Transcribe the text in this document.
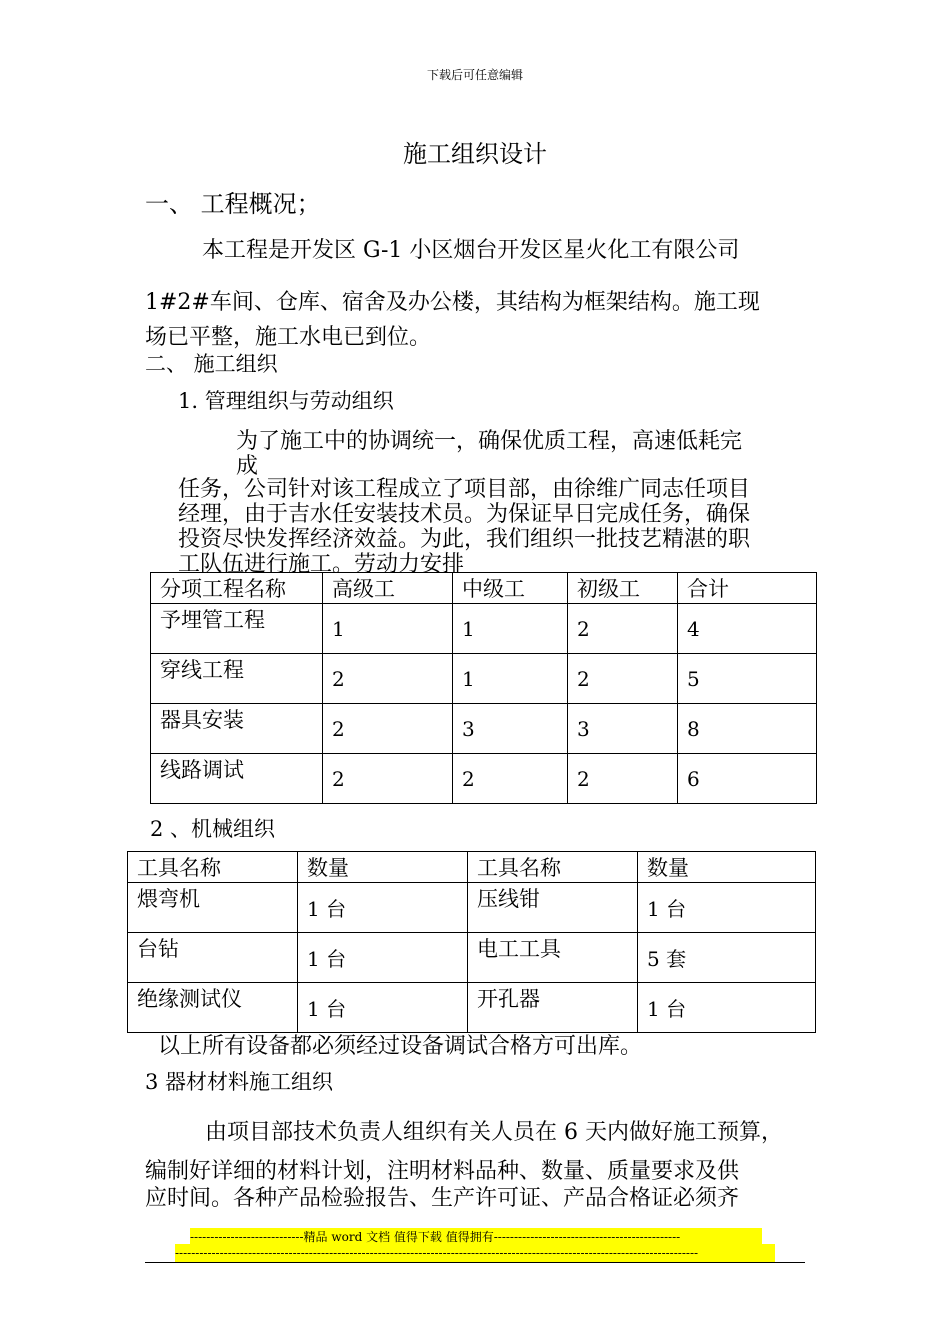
下载后可任意编辑
施工组织设计
一、 工程概况；
本工程是开发区 G-1 小区烟台开发区星火化工有限公司
1#2#车间、仓库、宿舍及办公楼，其结构为框架结构。施工现
场已平整，施工水电已到位。
二、 施工组织
1. 管理组织与劳动组织
为了施工中的协调统一，确保优质工程，高速低耗完
成
任务，公司针对该工程成立了项目部，由徐维广同志任项目
经理，由于吉水任安装技术员。为保证早日完成任务，确保
投资尽快发挥经济效益。为此，我们组织一批技艺精湛的职
工队伍进行施工。劳动力安排
分项工程名称	高级工	中级工	初级工	合计
予埋管工程	1	1	2	4
穿线工程	2	1	2	5
器具安装	2	3	3	8
线路调试	2	2	2	6
2 、机械组织
工具名称	数量	工具名称	数量
煨弯机	1 台	压线钳	1 台
台钻	1 台	电工工具	5 套
绝缘测试仪	1 台	开孔器	1 台
以上所有设备都必须经过设备调试合格方可出库。
3 器材材料施工组织
由项目部技术负责人组织有关人员在 6 天内做好施工预算，
编制好详细的材料计划，注明材料品种、数量、质量要求及供
应时间。各种产品检验报告、生产许可证、产品合格证必须齐
----------------------------精品 word 文档 值得下载 值得拥有----------------------------------------------
---------------------------------------------------------------------------------------------------------------------------------
